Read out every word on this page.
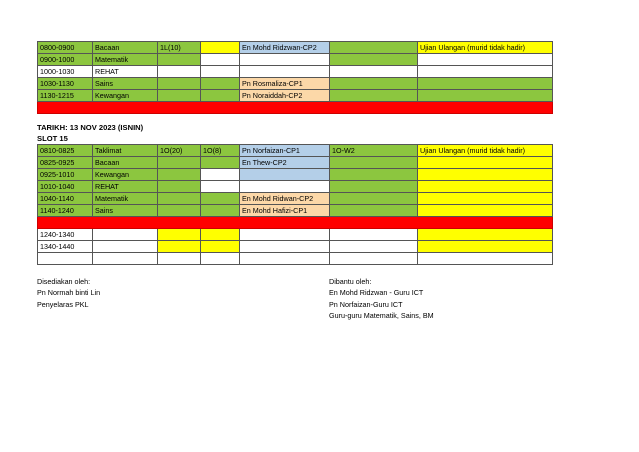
0800-0900	Bacaan	1L(10)		En Mohd Ridzwan-CP2		Ujian Ulangan (murid tidak hadir)
0900-1000	Matematik					
1000-1030	REHAT					
1030-1130	Sains			Pn Rosmaliza-CP1		
1130-1215	Kewangan			Pn Noraiddah-CP2		

TARIKH: 13 NOV 2023 (ISNIN)
SLOT 15
0810-0825	Taklimat	1O(20)	1O(8)	Pn Norfaizan-CP1	1O-W2	Ujian Ulangan (murid tidak hadir)
0825-0925	Bacaan			En Thew-CP2		
0925-1010	Kewangan					
1010-1040	REHAT					
1040-1140	Matematik			En Mohd Ridwan-CP2		
1140-1240	Sains			En Mohd Hafizi-CP1		

1240-1340						
1340-1440						

Disediakan oleh:
Pn Normah binti Lin
Penyelaras PKL
Dibantu oleh:
En Mohd Ridzwan - Guru ICT
Pn Norfaizan-Guru ICT
Guru-guru Matematik, Sains, BM
